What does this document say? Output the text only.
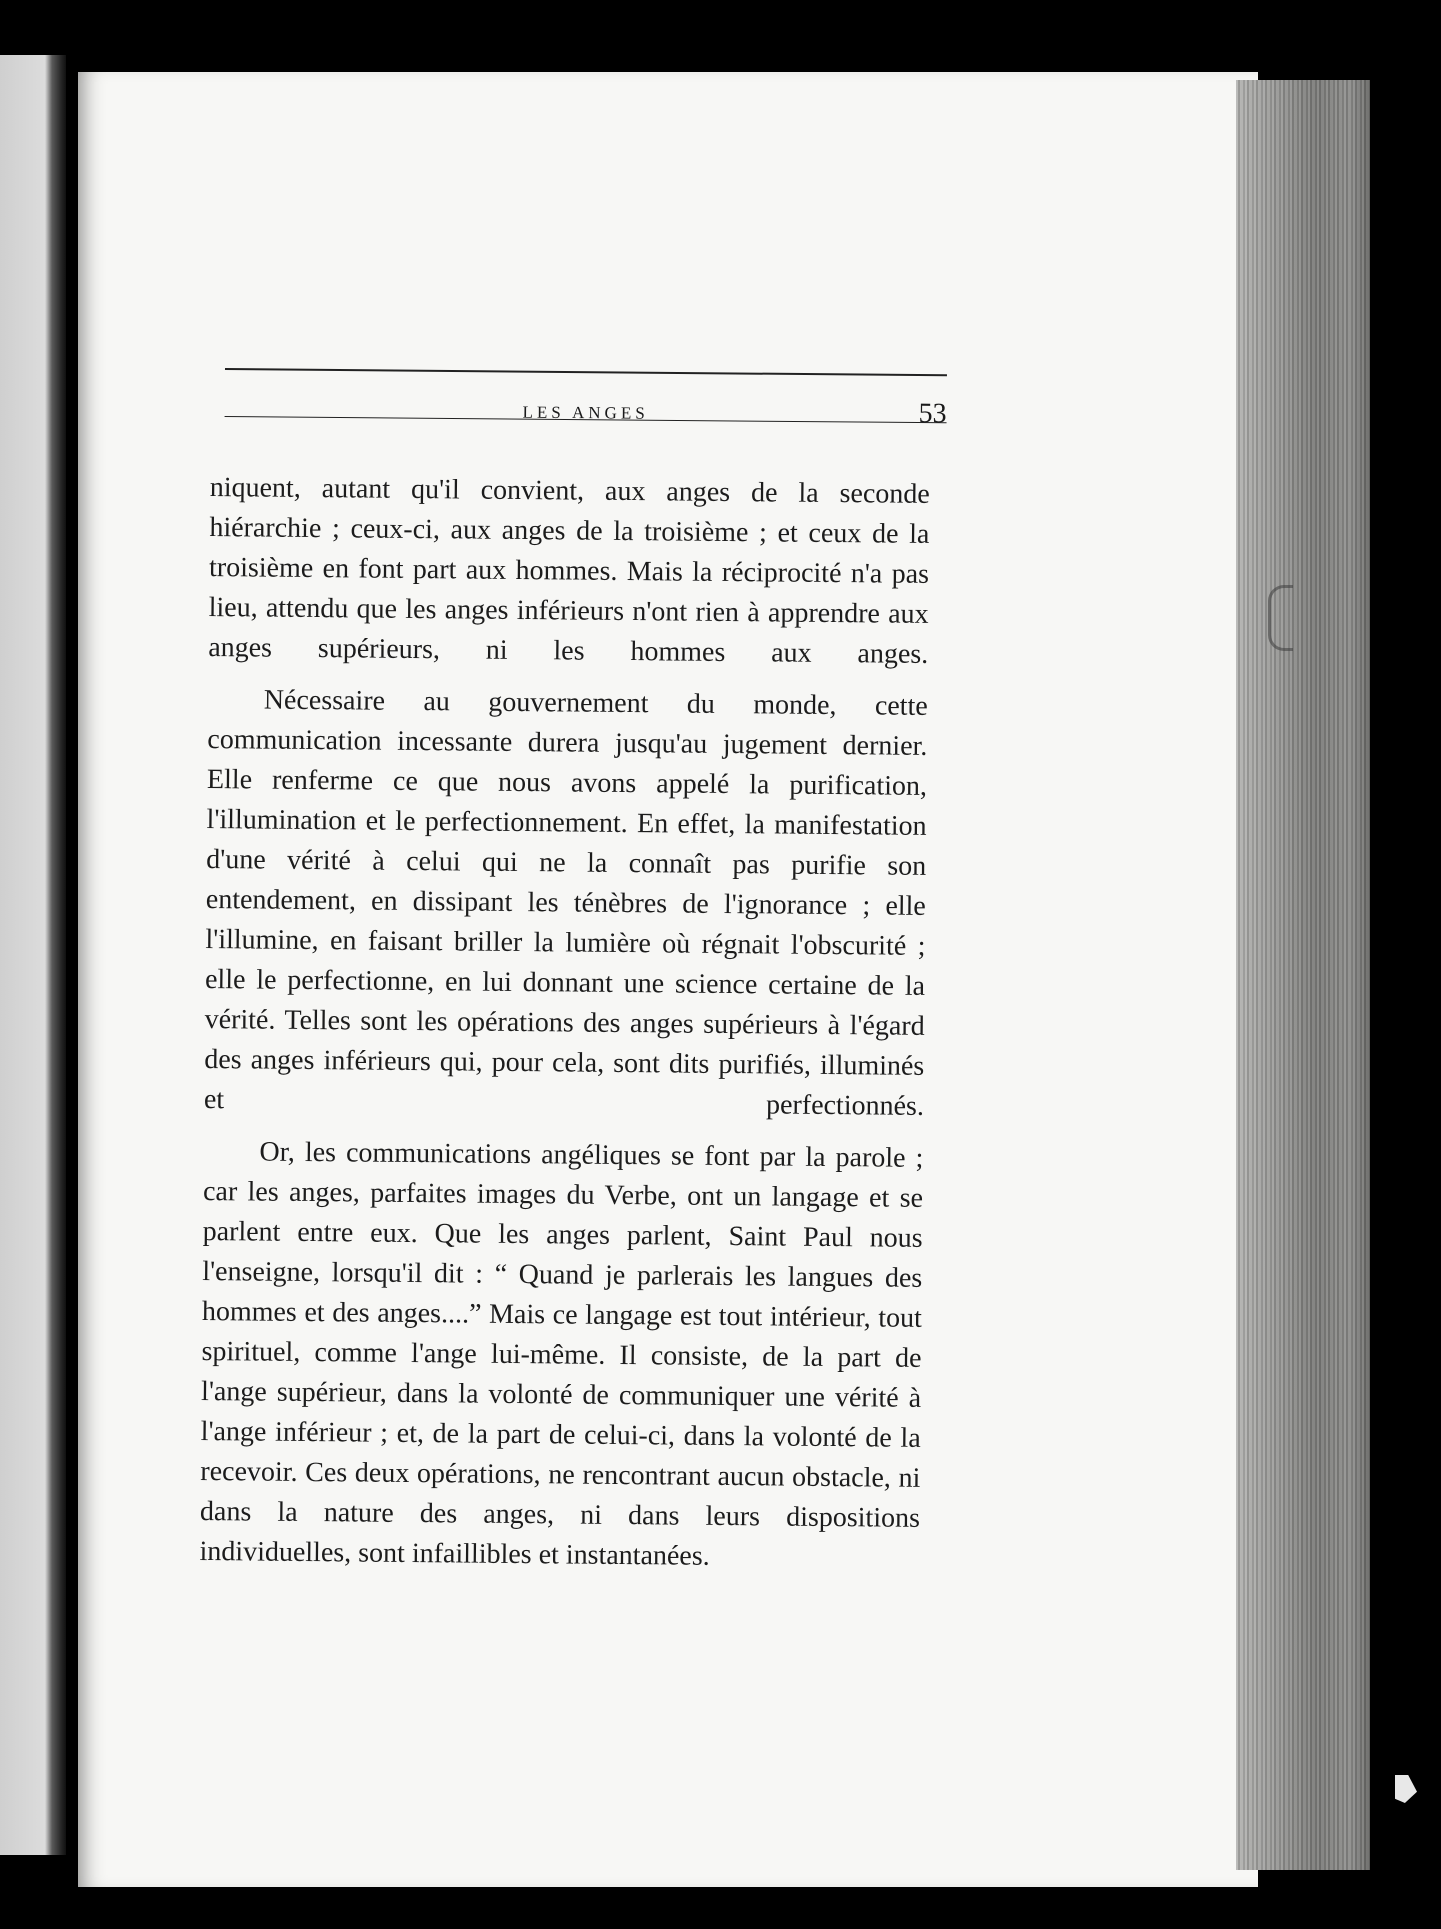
LES ANGES	53

niquent, autant qu'il convient, aux anges de la seconde hiérarchie ; ceux-ci, aux anges de la troisième ; et ceux de la troisième en font part aux hommes. Mais la réciprocité n'a pas lieu, attendu que les anges inférieurs n'ont rien à apprendre aux anges supérieurs, ni les hommes aux anges.

Nécessaire au gouvernement du monde, cette communication incessante durera jusqu'au jugement dernier. Elle renferme ce que nous avons appelé la purification, l'illumination et le perfectionnement. En effet, la manifestation d'une vérité à celui qui ne la connaît pas purifie son entendement, en dissipant les ténèbres de l'ignorance ; elle l'illumine, en faisant briller la lumière où régnait l'obscurité ; elle le perfectionne, en lui donnant une science certaine de la vérité. Telles sont les opérations des anges supérieurs à l'égard des anges inférieurs qui, pour cela, sont dits purifiés, illuminés et perfectionnés.

Or, les communications angéliques se font par la parole ; car les anges, parfaites images du Verbe, ont un langage et se parlent entre eux. Que les anges parlent, Saint Paul nous l'enseigne, lorsqu'il dit : “ Quand je parlerais les langues des hommes et des anges....” Mais ce langage est tout intérieur, tout spirituel, comme l'ange lui-même. Il consiste, de la part de l'ange supérieur, dans la volonté de communiquer une vérité à l'ange inférieur ; et, de la part de celui-ci, dans la volonté de la recevoir. Ces deux opérations, ne rencontrant aucun obstacle, ni dans la nature des anges, ni dans leurs dispositions individuelles, sont infaillibles et instantanées.
